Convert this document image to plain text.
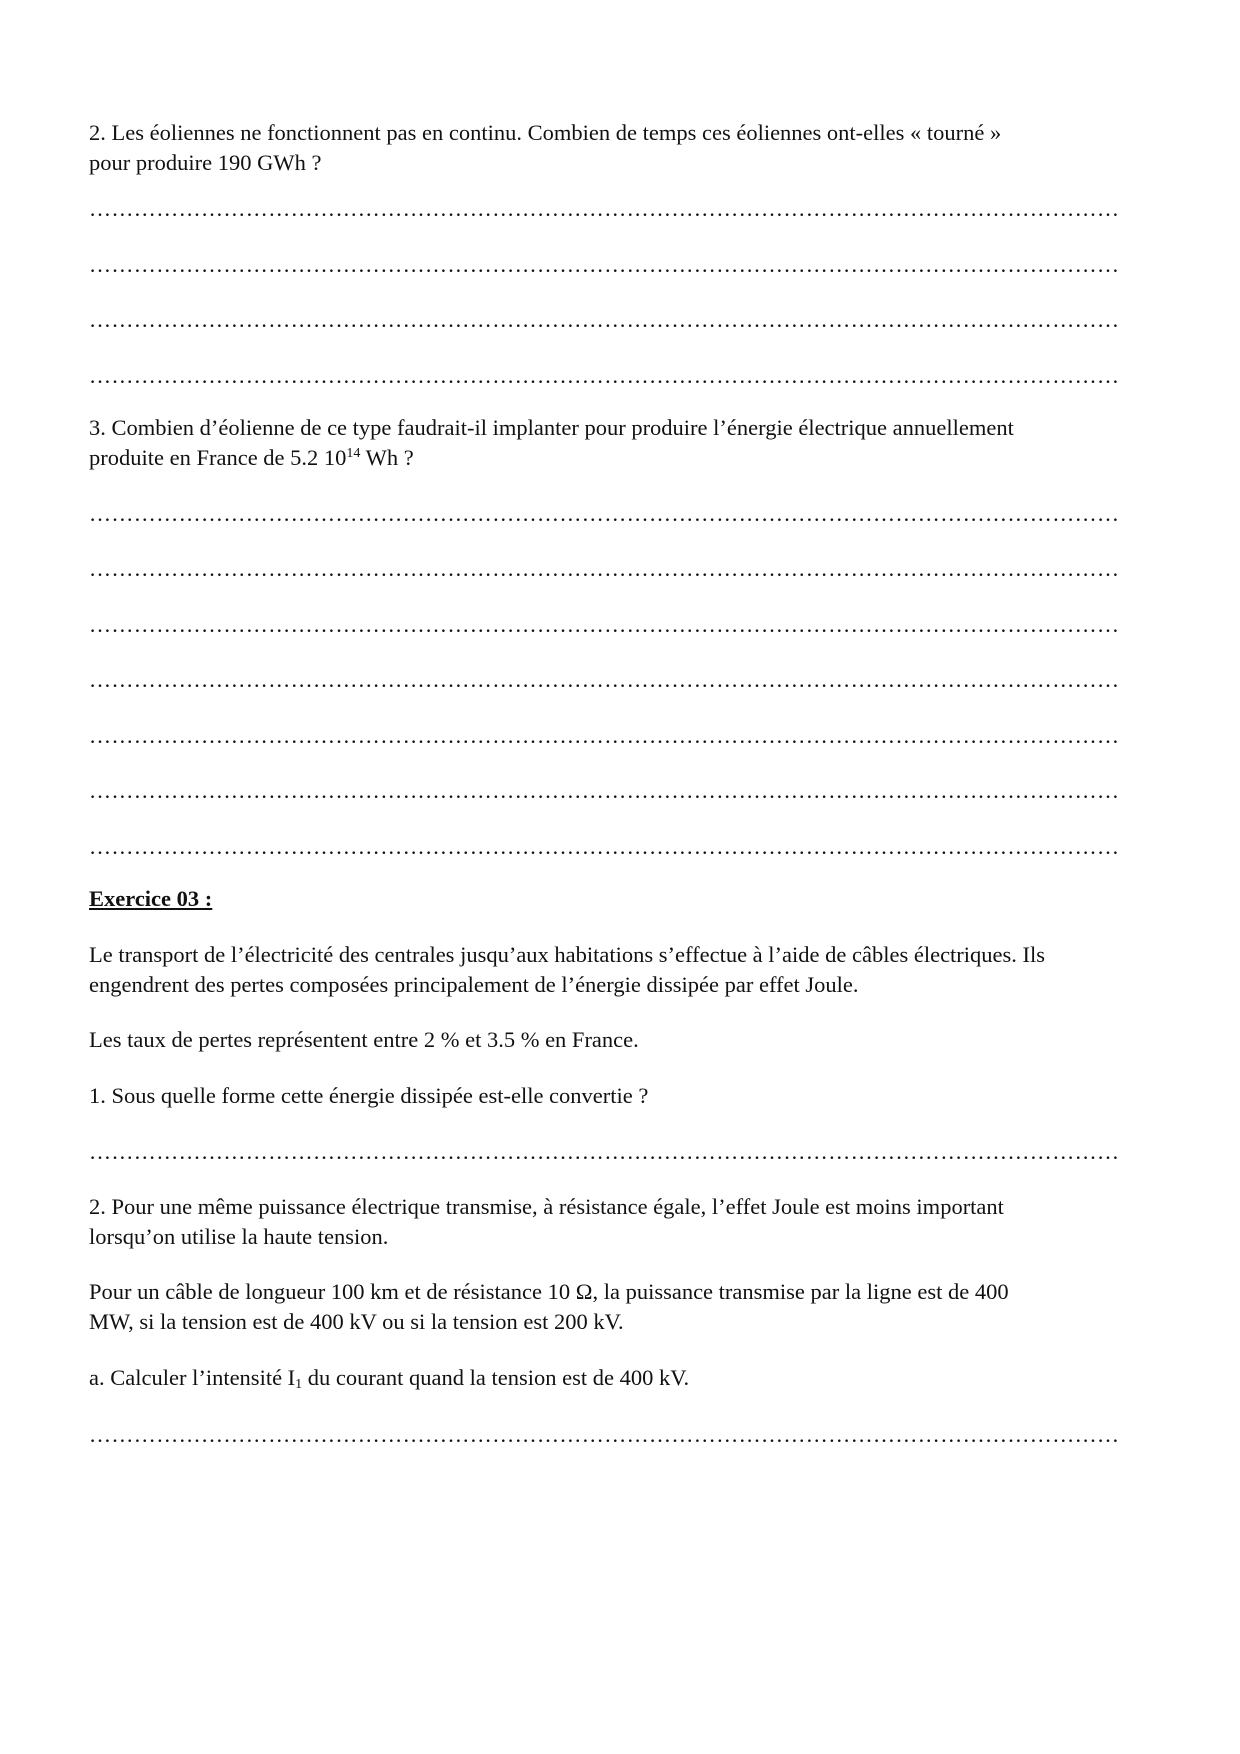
2. Les éoliennes ne fonctionnent pas en continu. Combien de temps ces éoliennes ont-elles « tourné »
pour produire 190 GWh ?
…………………………………………………………………………………………………………………………
…………………………………………………………………………………………………………………………
…………………………………………………………………………………………………………………………
…………………………………………………………………………………………………………………………
3. Combien d’éolienne de ce type faudrait-il implanter pour produire l’énergie électrique annuellement
produite en France de 5.2 $10^{14}$ Wh ?
…………………………………………………………………………………………………………………………
…………………………………………………………………………………………………………………………
…………………………………………………………………………………………………………………………
…………………………………………………………………………………………………………………………
…………………………………………………………………………………………………………………………
…………………………………………………………………………………………………………………………
…………………………………………………………………………………………………………………………
Exercice 03 :
Le transport de l’électricité des centrales jusqu’aux habitations s’effectue à l’aide de câbles électriques. Ils
engendrent des pertes composées principalement de l’énergie dissipée par effet Joule.
Les taux de pertes représentent entre 2 % et 3.5 % en France.
1. Sous quelle forme cette énergie dissipée est-elle convertie ?
…………………………………………………………………………………………………………………………
2. Pour une même puissance électrique transmise, à résistance égale, l’effet Joule est moins important
lorsqu’on utilise la haute tension.
Pour un câble de longueur 100 km et de résistance 10 Ω, la puissance transmise par la ligne est de 400
MW, si la tension est de 400 kV ou si la tension est 200 kV.
a. Calculer l’intensité $I_1$ du courant quand la tension est de 400 kV.
…………………………………………………………………………………………………………………………
